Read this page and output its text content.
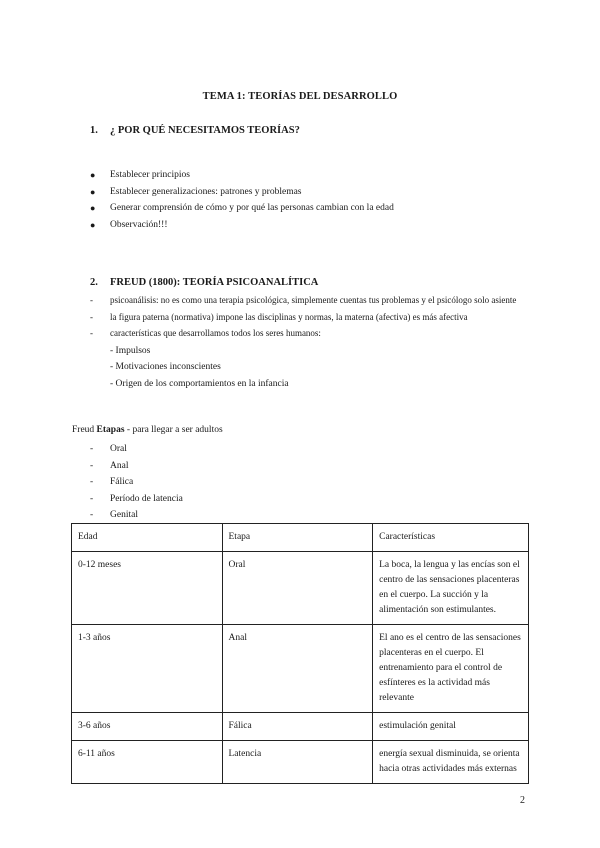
TEMA 1: TEORÍAS DEL DESARROLLO
1. ¿ POR QUÉ NECESITAMOS TEORÍAS?
● Establecer principios
● Establecer generalizaciones: patrones y problemas
● Generar comprensión de cómo y por qué las personas cambian con la edad
● Observación!!!
2. FREUD (1800): TEORÍA PSICOANALÍTICA
- psicoanálisis: no es como una terapia psicológica, simplemente cuentas tus problemas y el psicólogo solo asiente
- la figura paterna (normativa) impone las disciplinas y normas, la materna (afectiva) es más afectiva
- características que desarrollamos todos los seres humanos:
- Impulsos
- Motivaciones inconscientes
- Origen de los comportamientos en la infancia
Freud Etapas - para llegar a ser adultos
- Oral
- Anal
- Fálica
- Período de latencia
- Genital
Edad	Etapa	Características
0-12 meses	Oral	La boca, la lengua y las encías son el centro de las sensaciones placenteras en el cuerpo. La succión y la alimentación son estimulantes.
1-3 años	Anal	El ano es el centro de las sensaciones placenteras en el cuerpo. El entrenamiento para el control de esfínteres es la actividad más relevante
3-6 años	Fálica	estimulación genital
6-11 años	Latencia	energía sexual disminuida, se orienta hacia otras actividades más externas
2
